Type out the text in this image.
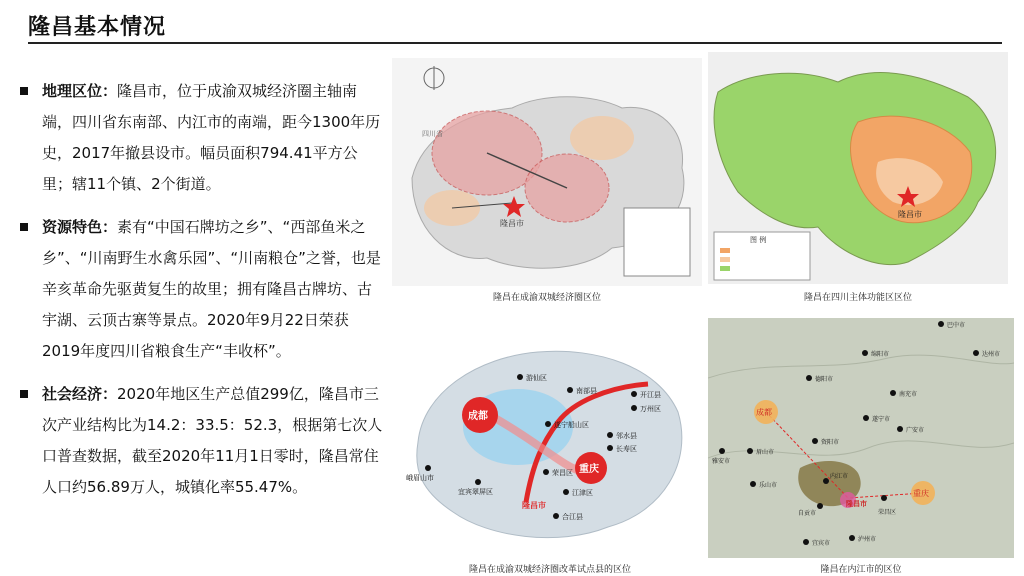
隆昌基本情况
地理区位：隆昌市，位于成渝双城经济圈主轴南端，四川省东南部、内江市的南端，距今1300年历史，2017年撤县设市。幅员面积794.41平方公里；辖11个镇、2个街道。
资源特色：素有“中国石牌坊之乡”、“西部鱼米之乡”、“川南野生水禽乐园”、“川南粮仓”之誉，也是辛亥革命先驱黄复生的故里；拥有隆昌古牌坊、古宇湖、云顶古寨等景点。2020年9月22日荣获2019年度四川省粮食生产“丰收杯”。
社会经济：2020年地区生产总值299亿，隆昌市三次产业结构比为14.2：33.5：52.3，根据第七次人口普查数据，截至2020年11月1日零时，隆昌常住人口约56.89万人，城镇化率55.47%。
隆昌市
四川省
隆昌在成渝双城经济圈区位
隆昌市
图 例
隆昌在四川主体功能区区位
成都
重庆
隆昌市
游仙区
南部县	开江县
万州区
遂宁船山区
邻水县
长寿区
荣昌区
江津区
合江县
峨眉山市
宜宾翠屏区
隆昌在成渝双城经济圈改革试点县的区位
成都
重庆
隆昌市
巴中市
绵阳市	达州市
德阳市
南充市
遂宁市
广安市
眉山市
资阳市
雅安市
乐山市
内江市
荣昌区
自贡市
宜宾市
泸州市
隆昌在内江市的区位
